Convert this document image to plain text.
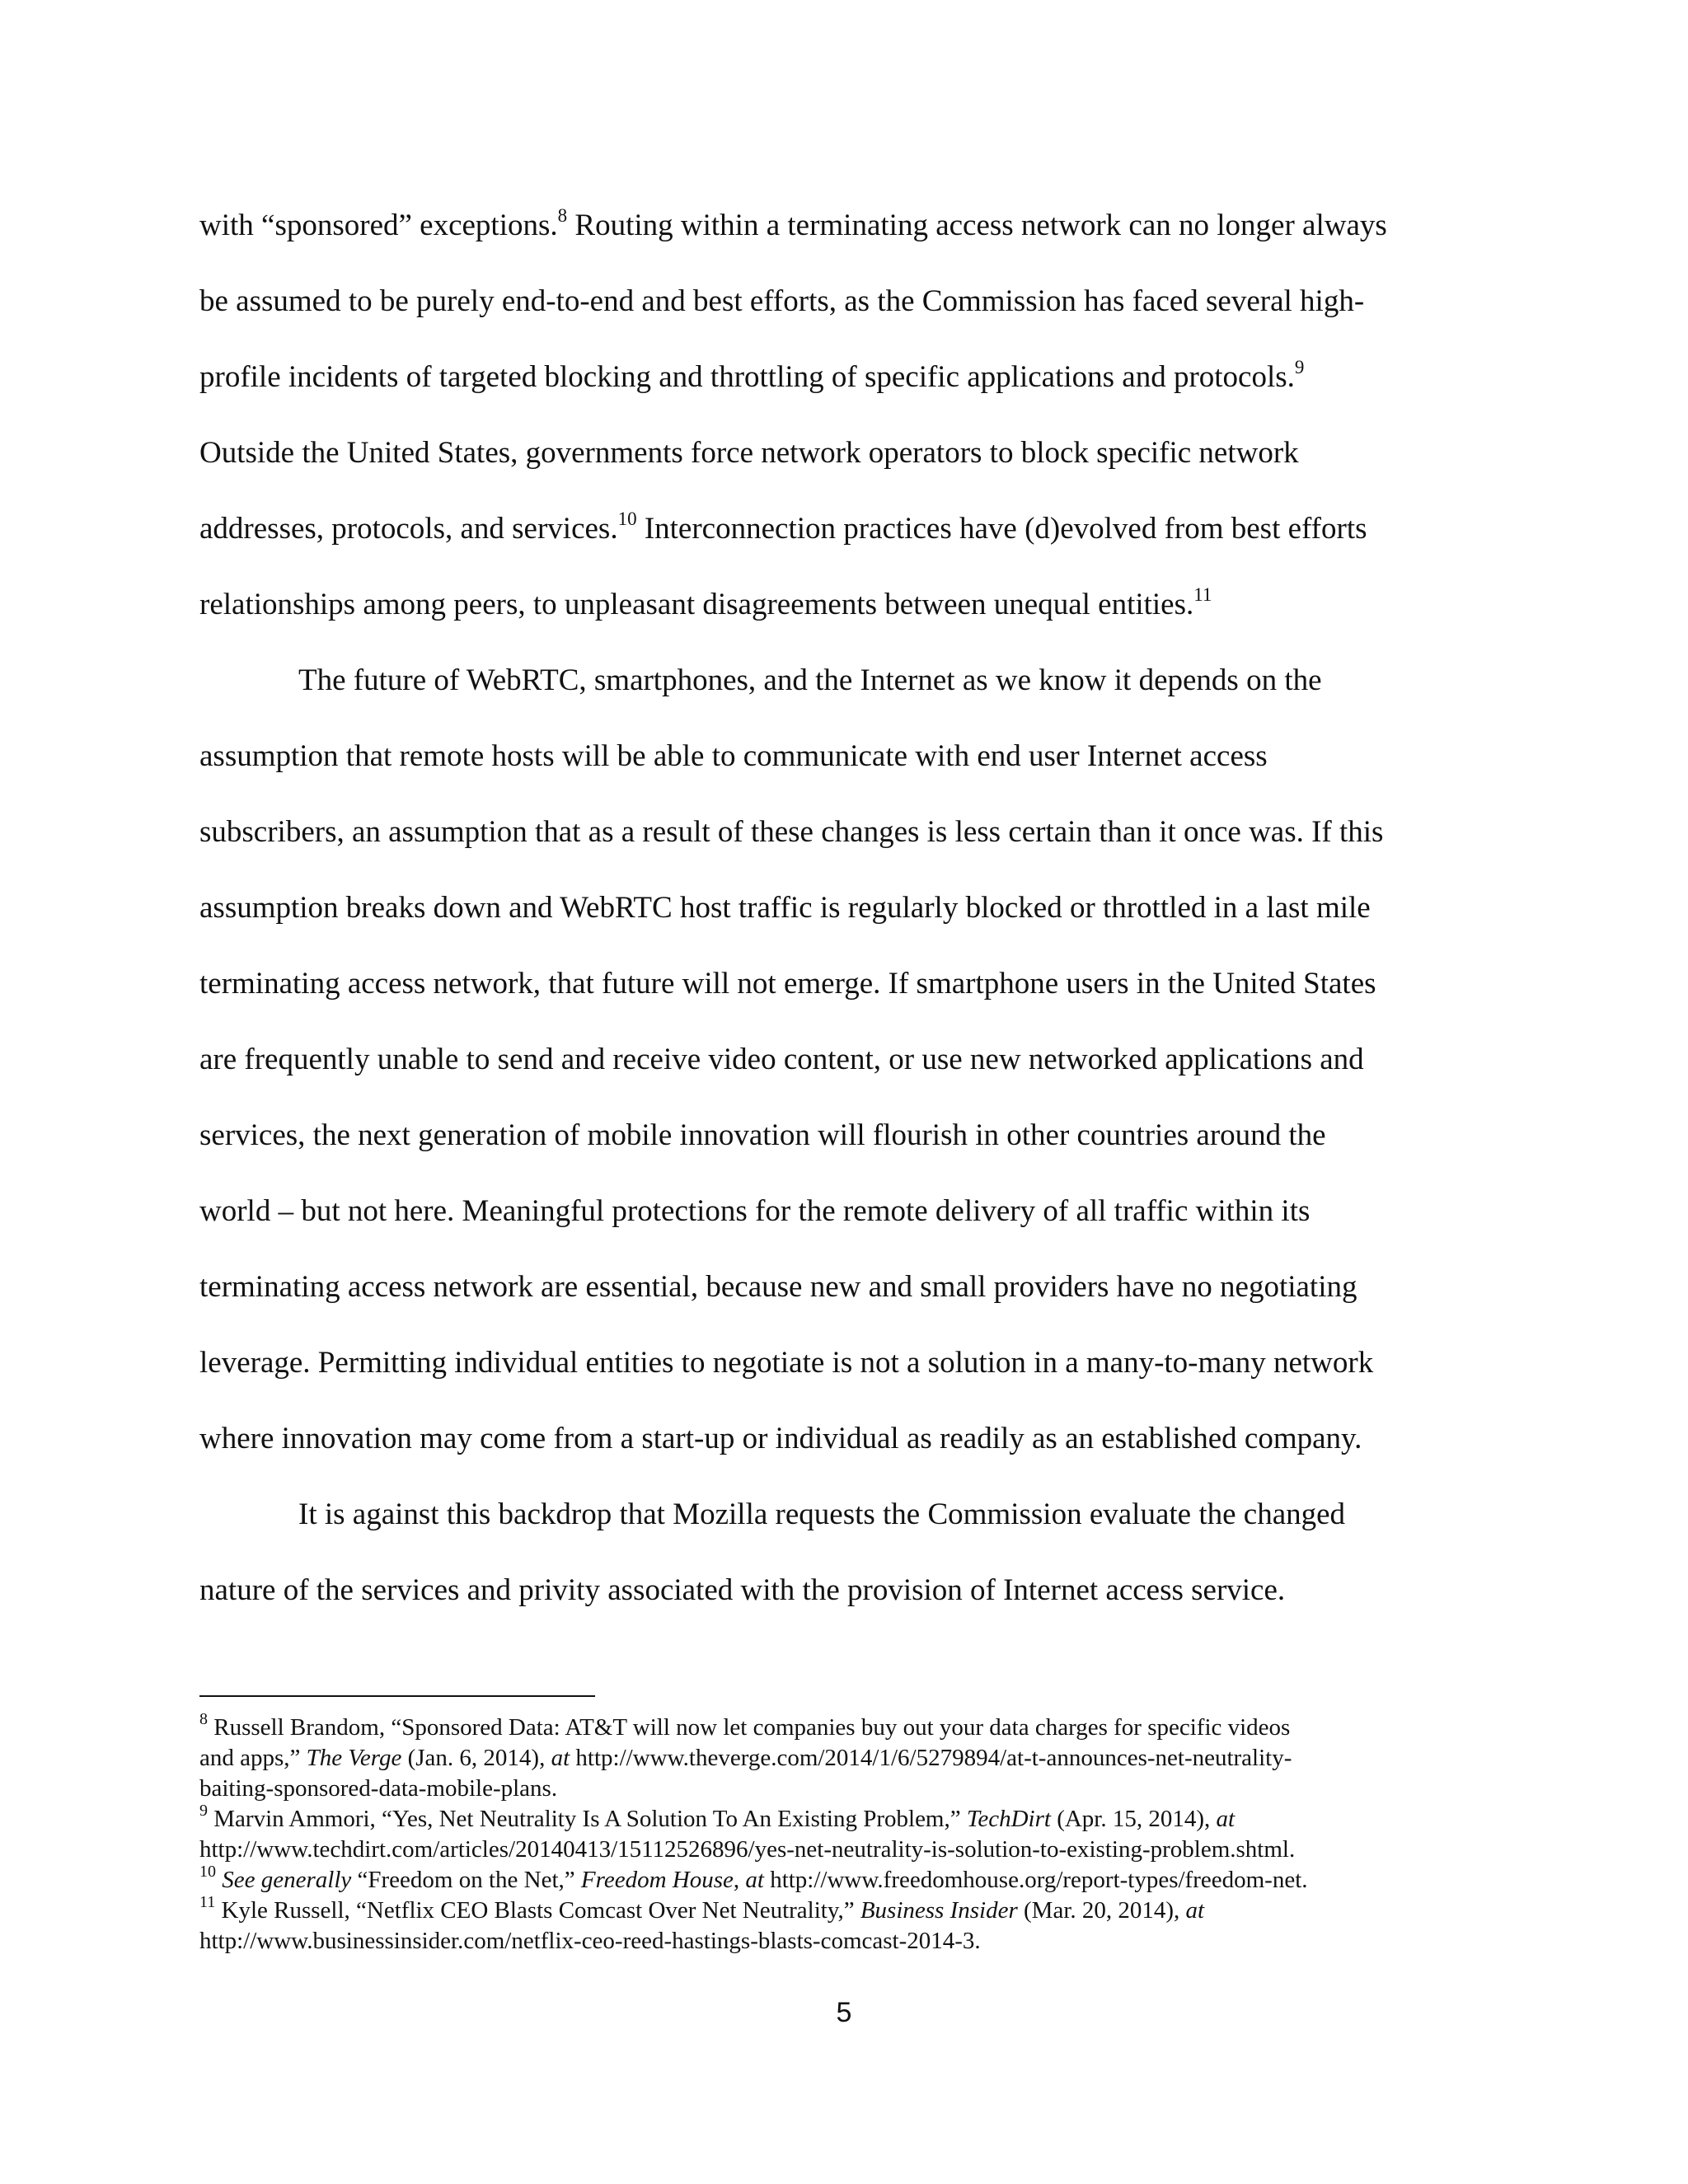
with “sponsored” exceptions.$^8$ Routing within a terminating access network can no longer always
be assumed to be purely end-to-end and best efforts, as the Commission has faced several high-
profile incidents of targeted blocking and throttling of specific applications and protocols.$^9$
Outside the United States, governments force network operators to block specific network
addresses, protocols, and services.$^{10}$ Interconnection practices have (d)evolved from best efforts
relationships among peers, to unpleasant disagreements between unequal entities.$^{11}$

The future of WebRTC, smartphones, and the Internet as we know it depends on the
assumption that remote hosts will be able to communicate with end user Internet access
subscribers, an assumption that as a result of these changes is less certain than it once was. If this
assumption breaks down and WebRTC host traffic is regularly blocked or throttled in a last mile
terminating access network, that future will not emerge. If smartphone users in the United States
are frequently unable to send and receive video content, or use new networked applications and
services, the next generation of mobile innovation will flourish in other countries around the
world – but not here. Meaningful protections for the remote delivery of all traffic within its
terminating access network are essential, because new and small providers have no negotiating
leverage. Permitting individual entities to negotiate is not a solution in a many-to-many network
where innovation may come from a start-up or individual as readily as an established company.

It is against this backdrop that Mozilla requests the Commission evaluate the changed
nature of the services and privity associated with the provision of Internet access service.

$^8$ Russell Brandom, “Sponsored Data: AT&T will now let companies buy out your data charges for specific videos
and apps,” The Verge (Jan. 6, 2014), at http://www.theverge.com/2014/1/6/5279894/at-t-announces-net-neutrality-
baiting-sponsored-data-mobile-plans.
$^9$ Marvin Ammori, “Yes, Net Neutrality Is A Solution To An Existing Problem,” TechDirt (Apr. 15, 2014), at
http://www.techdirt.com/articles/20140413/15112526896/yes-net-neutrality-is-solution-to-existing-problem.shtml.
$^{10}$ See generally “Freedom on the Net,” Freedom House, at http://www.freedomhouse.org/report-types/freedom-net.
$^{11}$ Kyle Russell, “Netflix CEO Blasts Comcast Over Net Neutrality,” Business Insider (Mar. 20, 2014), at
http://www.businessinsider.com/netflix-ceo-reed-hastings-blasts-comcast-2014-3.
5
